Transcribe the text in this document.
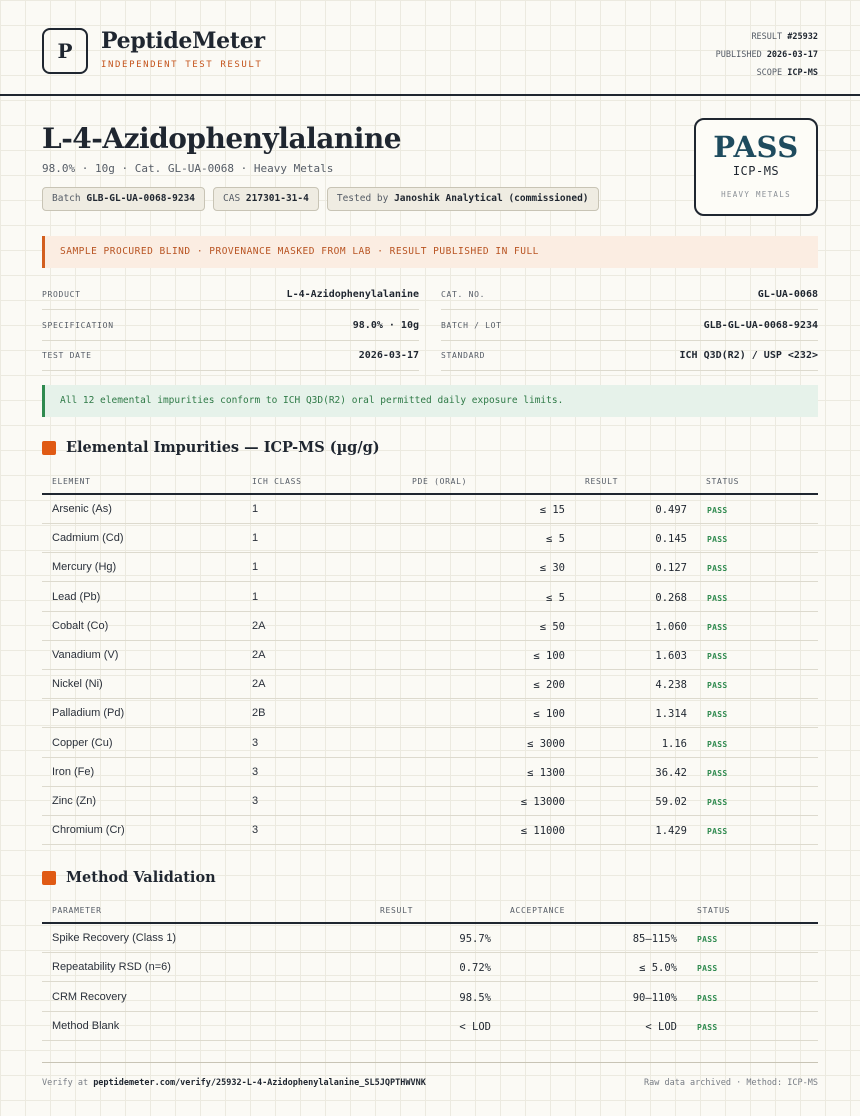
P	PeptideMeter
INDEPENDENT TEST RESULT
RESULT #25932
PUBLISHED 2026-03-17
SCOPE ICP-MS
L-4-Azidophenylalanine
98.0% · 10g · Cat. GL-UA-0068 · Heavy Metals
Batch GLB-GL-UA-0068-9234	CAS 217301-31-4	Tested by Janoshik Analytical (commissioned)
PASS
ICP-MS
HEAVY METALS
SAMPLE PROCURED BLIND · PROVENANCE MASKED FROM LAB · RESULT PUBLISHED IN FULL
PRODUCT	L-4-Azidophenylalanine	CAT. NO.	GL-UA-0068
SPECIFICATION	98.0% · 10g	BATCH / LOT	GLB-GL-UA-0068-9234
TEST DATE	2026-03-17	STANDARD	ICH Q3D(R2) / USP <232>
All 12 elemental impurities conform to ICH Q3D(R2) oral permitted daily exposure limits.
Elemental Impurities — ICP-MS (µg/g)
ELEMENT	ICH CLASS	PDE (ORAL)	RESULT	STATUS
Arsenic (As)	1	≤ 15	0.497	PASS
Cadmium (Cd)	1	≤ 5	0.145	PASS
Mercury (Hg)	1	≤ 30	0.127	PASS
Lead (Pb)	1	≤ 5	0.268	PASS
Cobalt (Co)	2A	≤ 50	1.060	PASS
Vanadium (V)	2A	≤ 100	1.603	PASS
Nickel (Ni)	2A	≤ 200	4.238	PASS
Palladium (Pd)	2B	≤ 100	1.314	PASS
Copper (Cu)	3	≤ 3000	1.16	PASS
Iron (Fe)	3	≤ 1300	36.42	PASS
Zinc (Zn)	3	≤ 13000	59.02	PASS
Chromium (Cr)	3	≤ 11000	1.429	PASS
Method Validation
PARAMETER	RESULT	ACCEPTANCE	STATUS
Spike Recovery (Class 1)	95.7%	85–115%	PASS
Repeatability RSD (n=6)	0.72%	≤ 5.0%	PASS
CRM Recovery	98.5%	90–110%	PASS
Method Blank	< LOD	< LOD	PASS
Verify at peptidemeter.com/verify/25932-L-4-Azidophenylalanine_SL5JQPTHWVNK	Raw data archived · Method: ICP-MS
